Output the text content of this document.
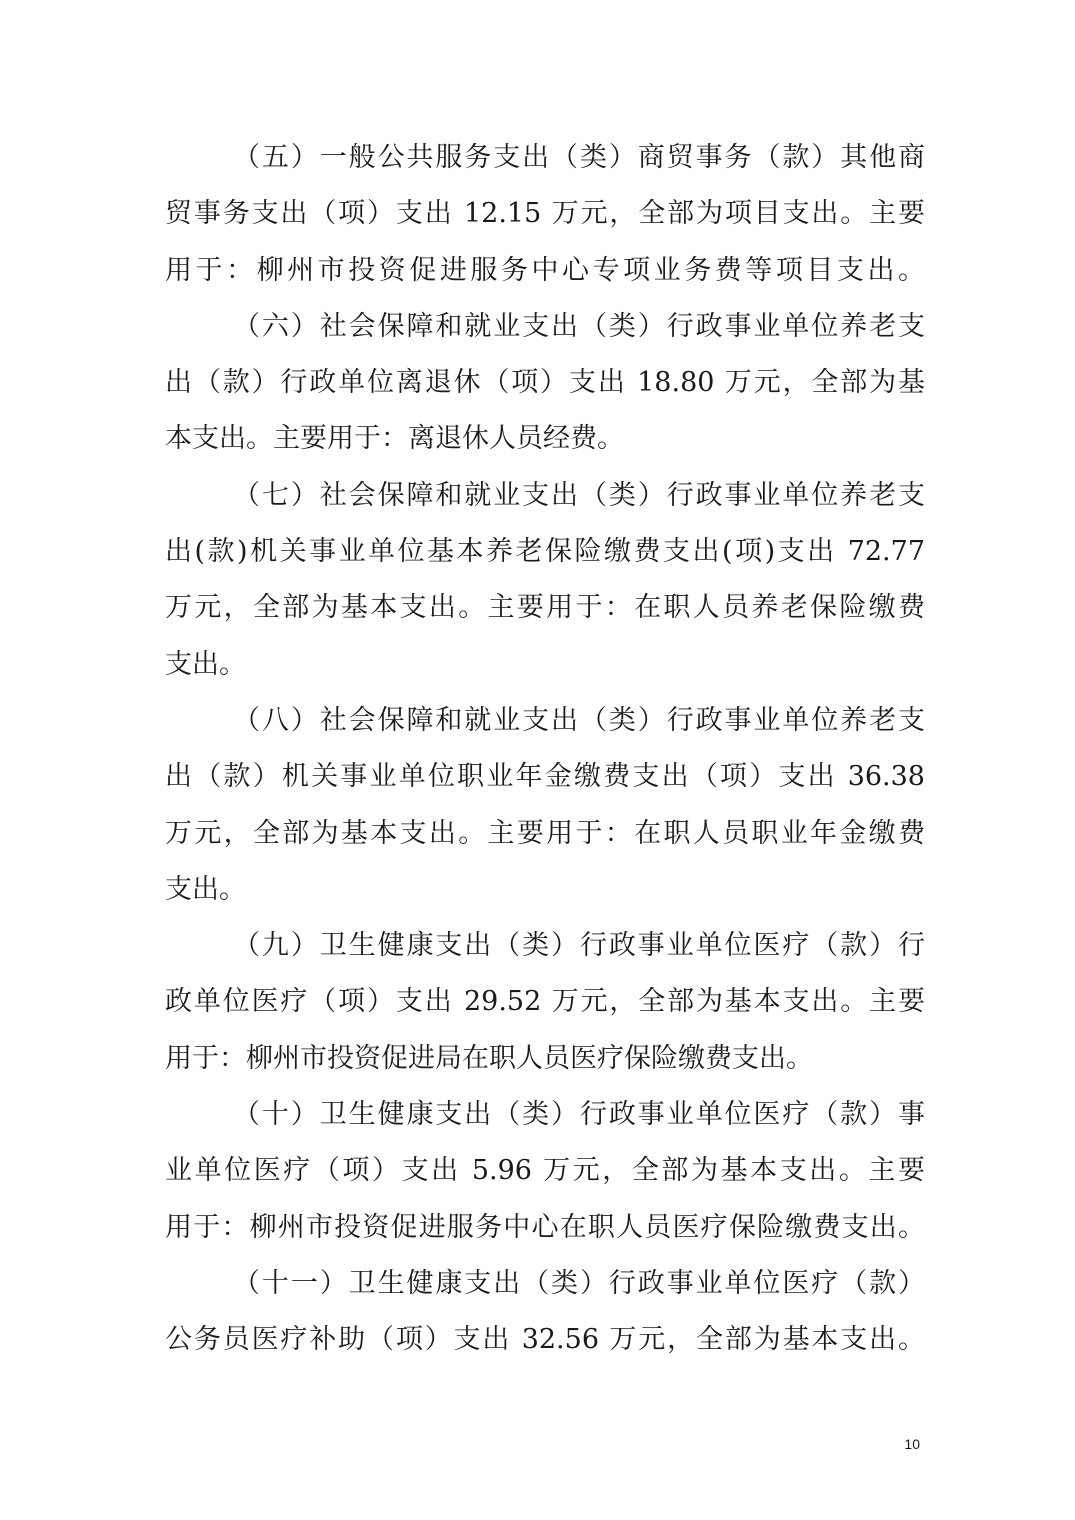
（五）一般公共服务支出（类）商贸事务（款）其他商
贸事务支出（项）支出 12.15 万元，全部为项目支出。主要
用于：柳州市投资促进服务中心专项业务费等项目支出。
（六）社会保障和就业支出（类）行政事业单位养老支
出（款）行政单位离退休（项）支出 18.80 万元，全部为基
本支出。主要用于：离退休人员经费。
（七）社会保障和就业支出（类）行政事业单位养老支
出(款)机关事业单位基本养老保险缴费支出(项)支出 72.77
万元，全部为基本支出。主要用于：在职人员养老保险缴费
支出。
（八）社会保障和就业支出（类）行政事业单位养老支
出（款）机关事业单位职业年金缴费支出（项）支出 36.38
万元，全部为基本支出。主要用于：在职人员职业年金缴费
支出。
（九）卫生健康支出（类）行政事业单位医疗（款）行
政单位医疗（项）支出 29.52 万元，全部为基本支出。主要
用于：柳州市投资促进局在职人员医疗保险缴费支出。
（十）卫生健康支出（类）行政事业单位医疗（款）事
业单位医疗（项）支出 5.96 万元，全部为基本支出。主要
用于：柳州市投资促进服务中心在职人员医疗保险缴费支出。
（十一）卫生健康支出（类）行政事业单位医疗（款）
公务员医疗补助（项）支出 32.56 万元，全部为基本支出。
10
